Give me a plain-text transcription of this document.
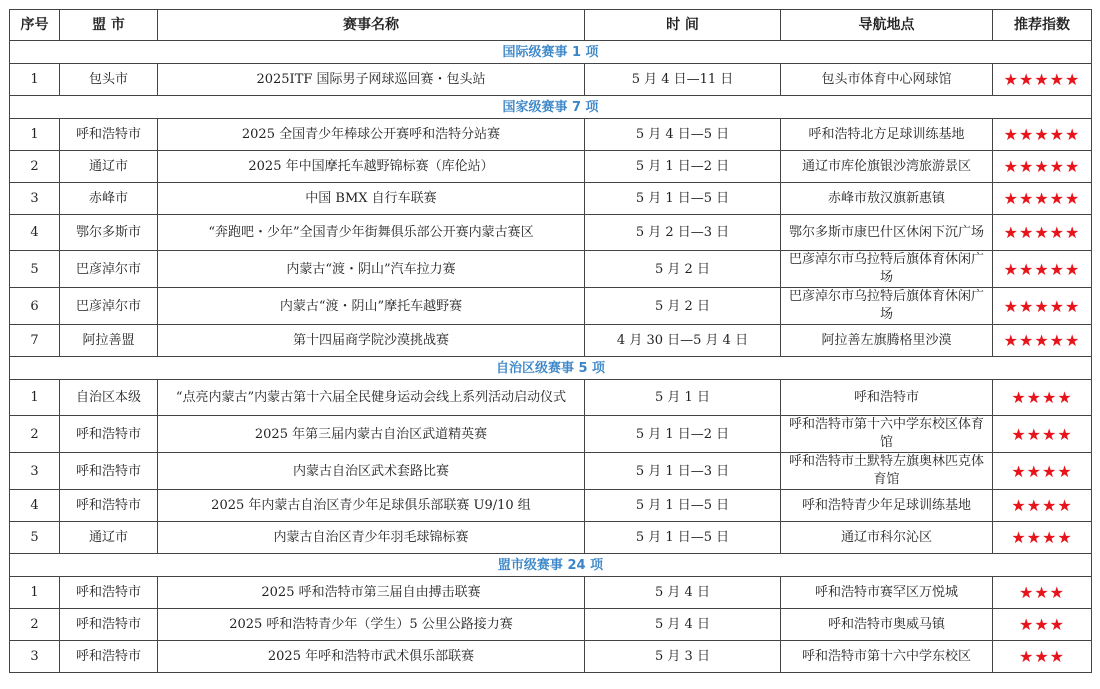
序号	盟 市	赛事名称	时 间	导航地点	推荐指数
国际级赛事 1 项					
1	包头市	2025ITF 国际男子网球巡回赛・包头站	5 月 4 日—11 日	包头市体育中心网球馆	★★★★★
国家级赛事 7 项					
1	呼和浩特市	2025 全国青少年棒球公开赛呼和浩特分站赛	5 月 4 日—5 日	呼和浩特北方足球训练基地	★★★★★
2	通辽市	2025 年中国摩托车越野锦标赛（库伦站）	5 月 1 日—2 日	通辽市库伦旗银沙湾旅游景区	★★★★★
3	赤峰市	中国 BMX 自行车联赛	5 月 1 日—5 日	赤峰市敖汉旗新惠镇	★★★★★
4	鄂尔多斯市	“奔跑吧・少年”全国青少年街舞俱乐部公开赛内蒙古赛区	5 月 2 日—3 日	鄂尔多斯市康巴什区休闲下沉广场	★★★★★
5	巴彦淖尔市	内蒙古“渡・阴山”汽车拉力赛	5 月 2 日	巴彦淖尔市乌拉特后旗体育休闲广场	★★★★★
6	巴彦淖尔市	内蒙古“渡・阴山”摩托车越野赛	5 月 2 日	巴彦淖尔市乌拉特后旗体育休闲广场	★★★★★
7	阿拉善盟	第十四届商学院沙漠挑战赛	4 月 30 日—5 月 4 日	阿拉善左旗腾格里沙漠	★★★★★
自治区级赛事 5 项					
1	自治区本级	“点亮内蒙古”内蒙古第十六届全民健身运动会线上系列活动启动仪式	5 月 1 日	呼和浩特市	★★★★
2	呼和浩特市	2025 年第三届内蒙古自治区武道精英赛	5 月 1 日—2 日	呼和浩特市第十六中学东校区体育馆	★★★★
3	呼和浩特市	内蒙古自治区武术套路比赛	5 月 1 日—3 日	呼和浩特市土默特左旗奥林匹克体育馆	★★★★
4	呼和浩特市	2025 年内蒙古自治区青少年足球俱乐部联赛 U9/10 组	5 月 1 日—5 日	呼和浩特青少年足球训练基地	★★★★
5	通辽市	内蒙古自治区青少年羽毛球锦标赛	5 月 1 日—5 日	通辽市科尔沁区	★★★★
盟市级赛事 24 项					
1	呼和浩特市	2025 呼和浩特市第三届自由搏击联赛	5 月 4 日	呼和浩特市赛罕区万悦城	★★★
2	呼和浩特市	2025 呼和浩特青少年（学生）5 公里公路接力赛	5 月 4 日	呼和浩特市奥威马镇	★★★
3	呼和浩特市	2025 年呼和浩特市武术俱乐部联赛	5 月 3 日	呼和浩特市第十六中学东校区	★★★
